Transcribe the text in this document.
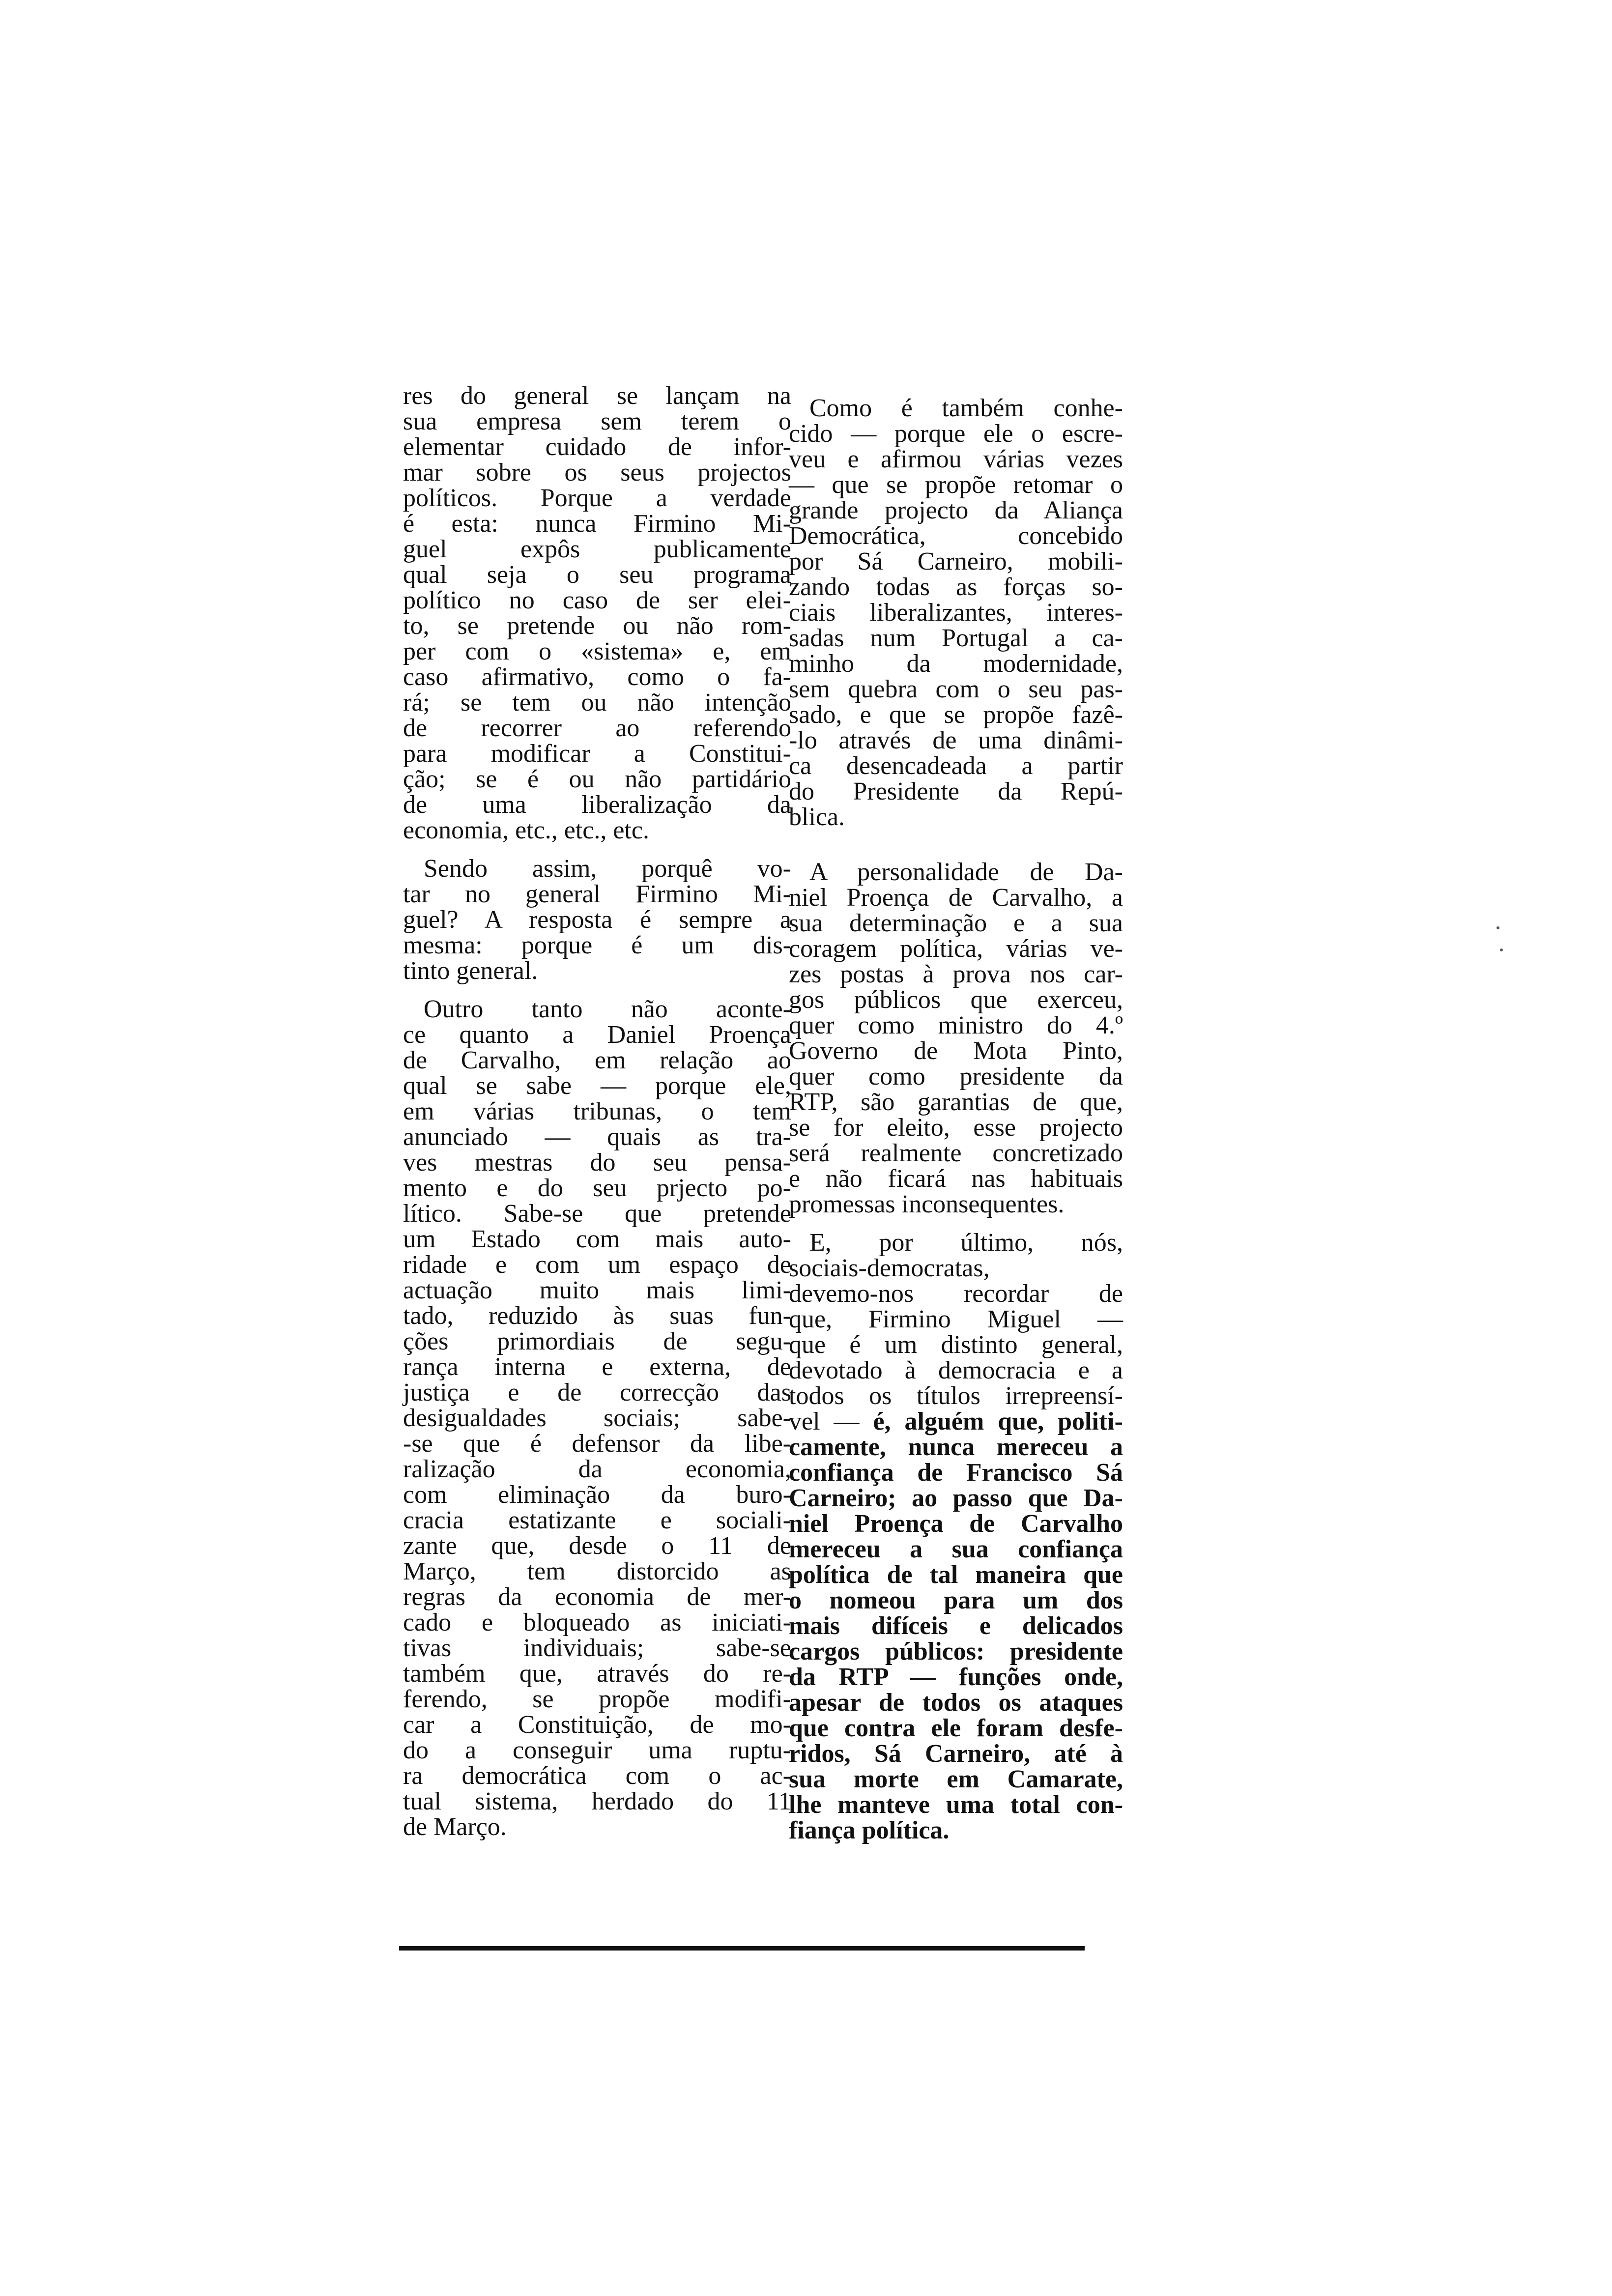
res do general se lançam na
sua empresa sem terem o
elementar cuidado de infor-
mar sobre os seus projectos
políticos. Porque a verdade
é esta: nunca Firmino Mi-
guel expôs publicamente
qual seja o seu programa
político no caso de ser elei-
to, se pretende ou não rom-
per com o «sistema» e, em
caso afirmativo, como o fa-
rá; se tem ou não intenção
de recorrer ao referendo
para modificar a Constitui-
ção; se é ou não partidário
de uma liberalização da
economia, etc., etc., etc.
Sendo assim, porquê vo-
tar no general Firmino Mi-
guel? A resposta é sempre a
mesma: porque é um dis-
tinto general.
Outro tanto não aconte-
ce quanto a Daniel Proença
de Carvalho, em relação ao
qual se sabe — porque ele,
em várias tribunas, o tem
anunciado — quais as tra-
ves mestras do seu pensa-
mento e do seu prjecto po-
lítico. Sabe-se que pretende
um Estado com mais auto-
ridade e com um espaço de
actuação muito mais limi-
tado, reduzido às suas fun-
ções primordiais de segu-
rança interna e externa, de
justiça e de correcção das
desigualdades sociais; sabe-
-se que é defensor da libe-
ralização da economia,
com eliminação da buro-
cracia estatizante e sociali-
zante que, desde o 11 de
Março, tem distorcido as
regras da economia de mer-
cado e bloqueado as iniciati-
tivas individuais; sabe-se
também que, através do re-
ferendo, se propõe modifi-
car a Constituição, de mo-
do a conseguir uma ruptu-
ra democrática com o ac-
tual sistema, herdado do 11
de Março.
Como é também conhe-
cido — porque ele o escre-
veu e afirmou várias vezes
— que se propõe retomar o
grande projecto da Aliança
Democrática, concebido
por Sá Carneiro, mobili-
zando todas as forças so-
ciais liberalizantes, interes-
sadas num Portugal a ca-
minho da modernidade,
sem quebra com o seu pas-
sado, e que se propõe fazê-
-lo através de uma dinâmi-
ca desencadeada a partir
do Presidente da Repú-
blica.
A personalidade de Da-
niel Proença de Carvalho, a
sua determinação e a sua
coragem política, várias ve-
zes postas à prova nos car-
gos públicos que exerceu,
quer como ministro do 4.º
Governo de Mota Pinto,
quer como presidente da
RTP, são garantias de que,
se for eleito, esse projecto
será realmente concretizado
e não ficará nas habituais
promessas inconsequentes.
E, por último, nós,
sociais-democratas,
devemo-nos recordar de
que, Firmino Miguel —
que é um distinto general,
devotado à democracia e a
todos os títulos irrepreensí-
vel — é, alguém que, politi-
camente, nunca mereceu a
confiança de Francisco Sá
Carneiro; ao passo que Da-
niel Proença de Carvalho
mereceu a sua confiança
política de tal maneira que
o nomeou para um dos
mais difíceis e delicados
cargos públicos: presidente
da RTP — funções onde,
apesar de todos os ataques
que contra ele foram desfe-
ridos, Sá Carneiro, até à
sua morte em Camarate,
lhe manteve uma total con-
fiança política.
